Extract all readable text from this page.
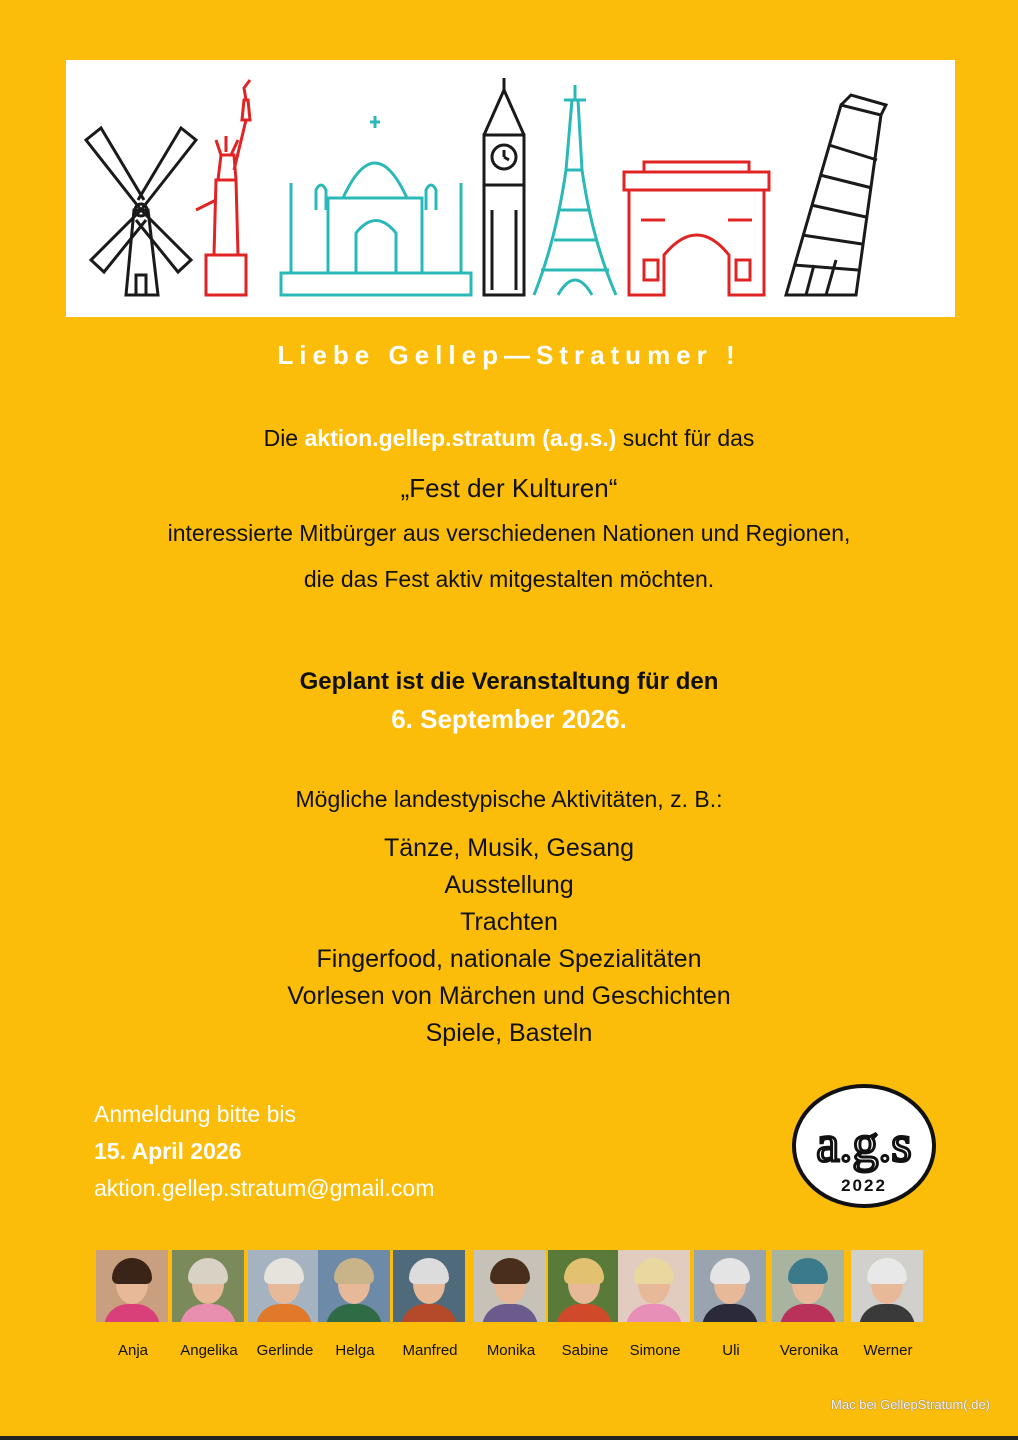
Liebe Gellep—Stratumer !
Die aktion.gellep.stratum (a.g.s.) sucht für das
„Fest der Kulturen“
interessierte Mitbürger aus verschiedenen Nationen und Regionen,
die das Fest aktiv mitgestalten möchten.
Geplant ist die Veranstaltung für den
6. September 2026.
Mögliche landestypische Aktivitäten, z. B.:
Tänze, Musik, Gesang
Ausstellung
Trachten
Fingerfood, nationale Spezialitäten
Vorlesen von Märchen und Geschichten
Spiele, Basteln
Anmeldung bitte bis
15. April 2026
aktion.gellep.stratum@gmail.com
a.g.s
2022
Anja	Angelika	Gerlinde	Helga	Manfred	Monika	Sabine	Simone	Uli	Veronika	Werner
Mac bei GellepStratum(.de)
